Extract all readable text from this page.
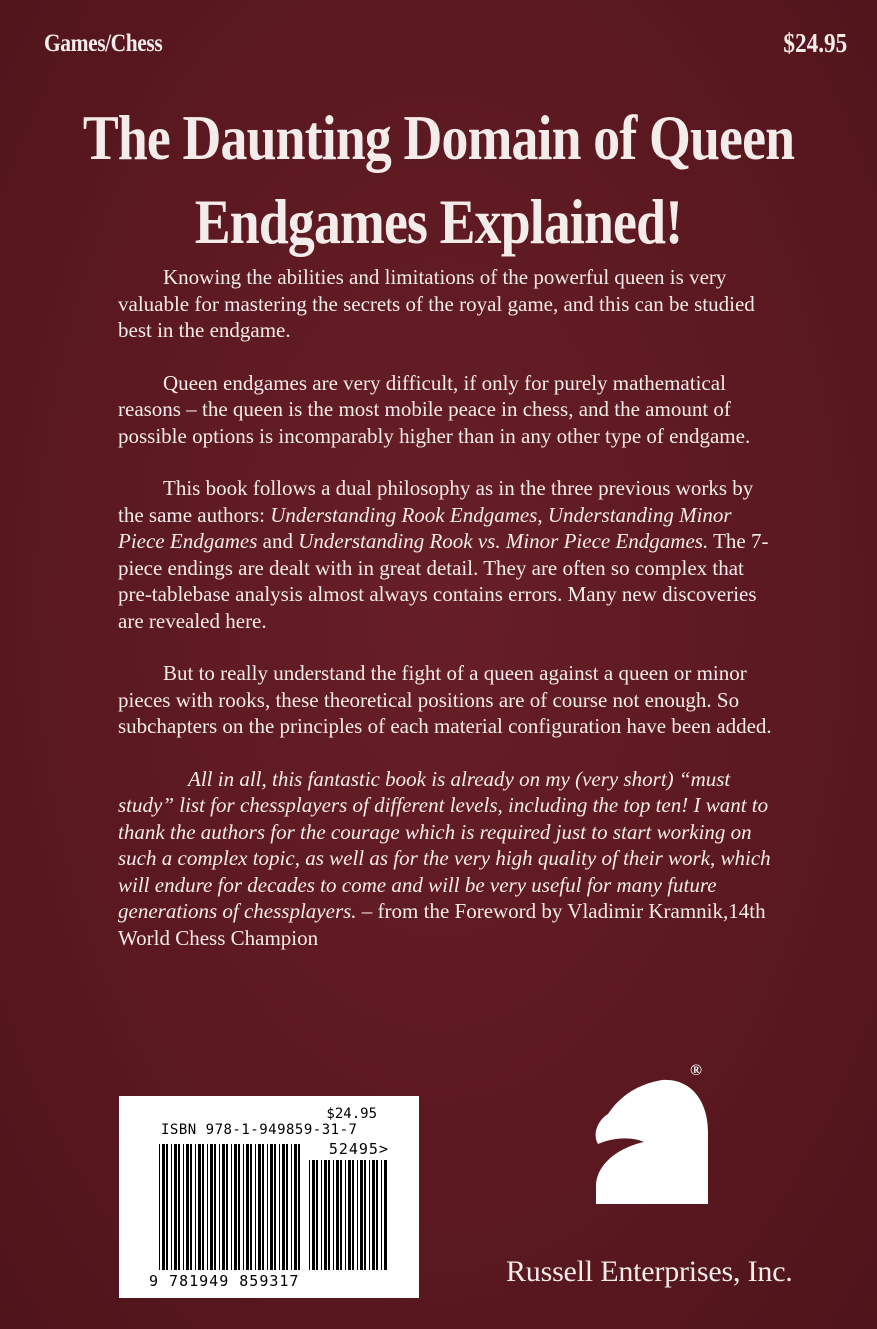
Games/Chess	$24.95
The Daunting Domain of Queen
Endgames Explained!

Knowing the abilities and limitations of the powerful queen is very valuable for mastering the secrets of the royal game, and this can be studied best in the endgame.

Queen endgames are very difficult, if only for purely mathematical reasons – the queen is the most mobile peace in chess, and the amount of possible options is incomparably higher than in any other type of endgame.

This book follows a dual philosophy as in the three previous works by the same authors: Understanding Rook Endgames, Understanding Minor Piece Endgames and Understanding Rook vs. Minor Piece Endgames. The 7-piece endings are dealt with in great detail. They are often so complex that pre-tablebase analysis almost always contains errors. Many new discoveries are revealed here.

But to really understand the fight of a queen against a queen or minor pieces with rooks, these theoretical positions are of course not enough. So subchapters on the principles of each material configuration have been added.

All in all, this fantastic book is already on my (very short) “must study” list for chessplayers of different levels, including the top ten! I want to thank the authors for the courage which is required just to start working on such a complex topic, as well as for the very high quality of their work, which will endure for decades to come and will be very useful for many future generations of chessplayers. – from the Foreword by Vladimir Kramnik,14th World Chess Champion

$24.95
ISBN 978-1-949859-31-7
52495>
9 781949 859317
®
Russell Enterprises, Inc.
